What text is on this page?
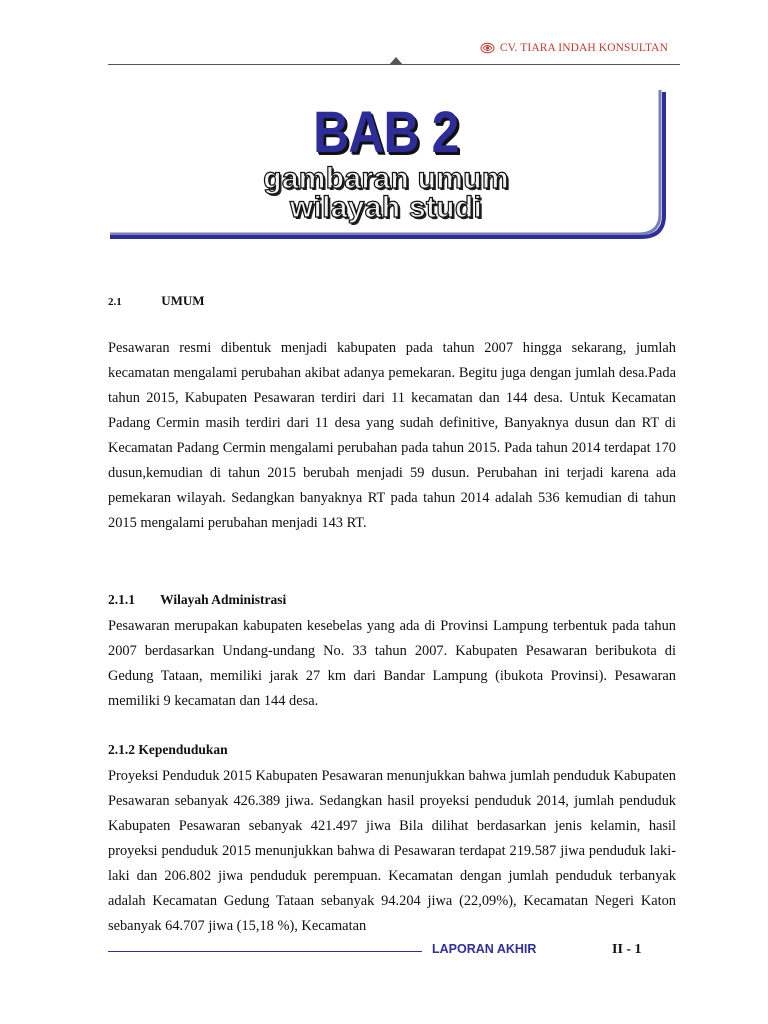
CV. TIARA INDAH KONSULTAN
BAB 2
gambaran umum
wilayah studi
2.1	UMUM
Pesawaran resmi dibentuk menjadi kabupaten pada tahun 2007 hingga sekarang, jumlah kecamatan mengalami perubahan akibat adanya pemekaran. Begitu juga dengan jumlah desa.Pada tahun 2015, Kabupaten Pesawaran terdiri dari 11 kecamatan dan 144 desa. Untuk Kecamatan Padang Cermin masih terdiri dari 11 desa yang sudah definitive, Banyaknya dusun dan RT di Kecamatan Padang Cermin mengalami perubahan pada tahun 2015. Pada tahun 2014 terdapat 170 dusun,kemudian di tahun 2015 berubah menjadi 59 dusun. Perubahan ini terjadi karena ada pemekaran wilayah. Sedangkan banyaknya RT pada tahun 2014 adalah 536 kemudian di tahun 2015 mengalami perubahan menjadi 143 RT.
2.1.1 Wilayah Administrasi
Pesawaran merupakan kabupaten kesebelas yang ada di Provinsi Lampung terbentuk pada tahun 2007 berdasarkan Undang-undang No. 33 tahun 2007. Kabupaten Pesawaran beribukota di Gedung Tataan, memiliki jarak 27 km dari Bandar Lampung (ibukota Provinsi). Pesawaran memiliki 9 kecamatan dan 144 desa.
2.1.2 Kependudukan
Proyeksi Penduduk 2015 Kabupaten Pesawaran menunjukkan bahwa jumlah penduduk Kabupaten Pesawaran sebanyak 426.389 jiwa. Sedangkan hasil proyeksi penduduk 2014, jumlah penduduk Kabupaten Pesawaran sebanyak 421.497 jiwa Bila dilihat berdasarkan jenis kelamin, hasil proyeksi penduduk 2015 menunjukkan bahwa di Pesawaran terdapat 219.587 jiwa penduduk laki-laki dan 206.802 jiwa penduduk perempuan. Kecamatan dengan jumlah penduduk terbanyak adalah Kecamatan Gedung Tataan sebanyak 94.204 jiwa (22,09%), Kecamatan Negeri Katon sebanyak 64.707 jiwa (15,18 %), Kecamatan
LAPORAN AKHIR	II - 1
